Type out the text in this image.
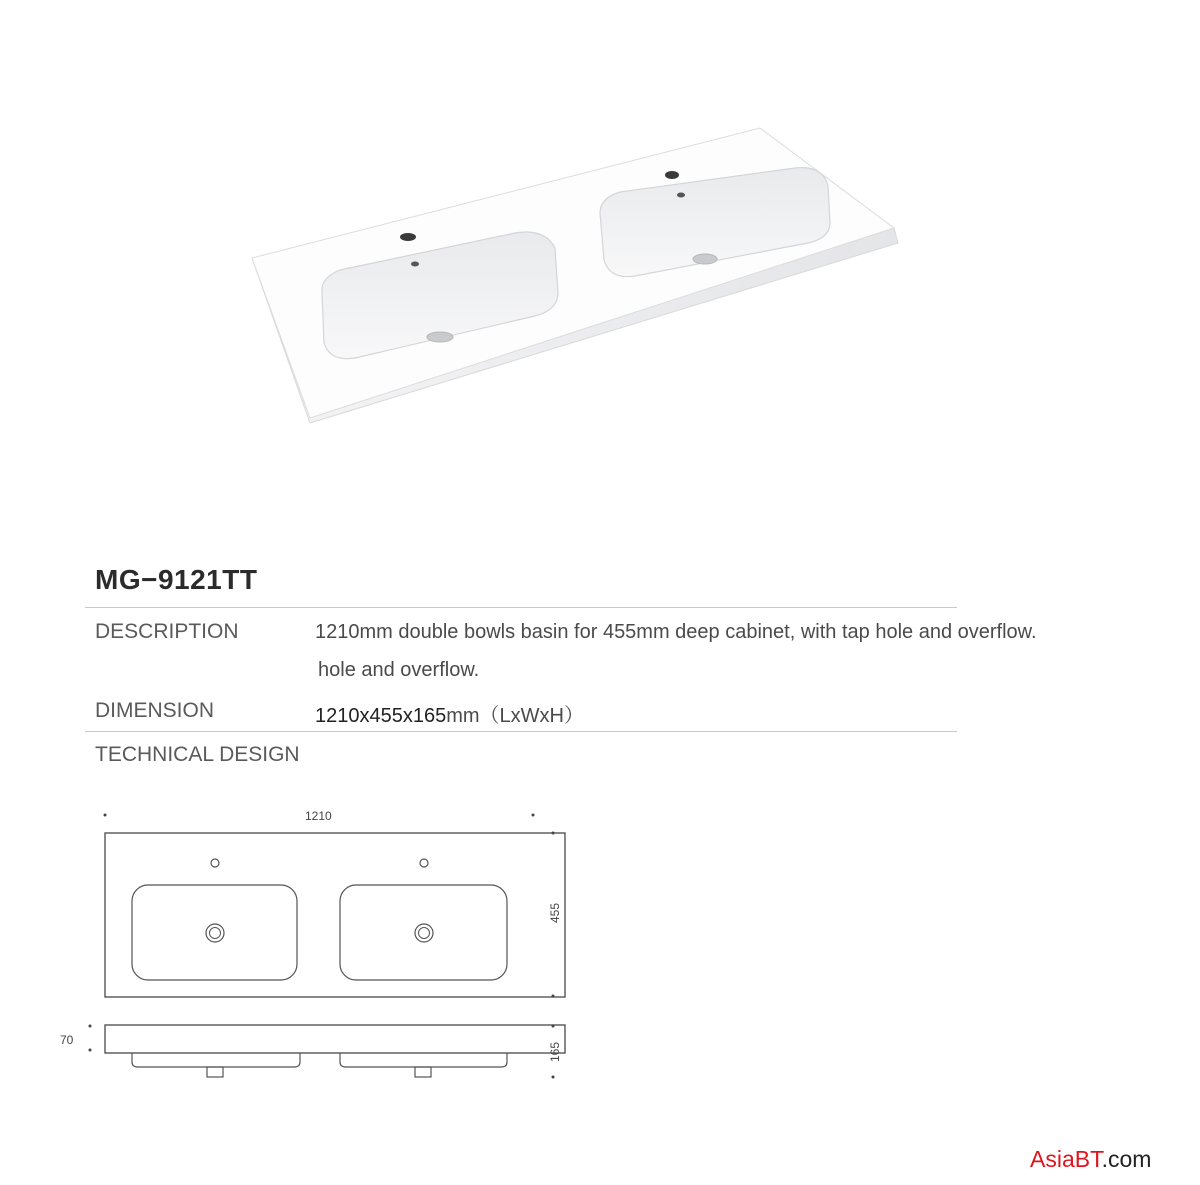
MG−9121TT
DESCRIPTION	1210mm double bowls basin for 455mm deep cabinet, with tap hole and overflow.
hole and overflow.
DIMENSION	1210x455x165mm（LxWxH）
TECHNICAL DESIGN
1210
455
70
165
AsiaBT.com
